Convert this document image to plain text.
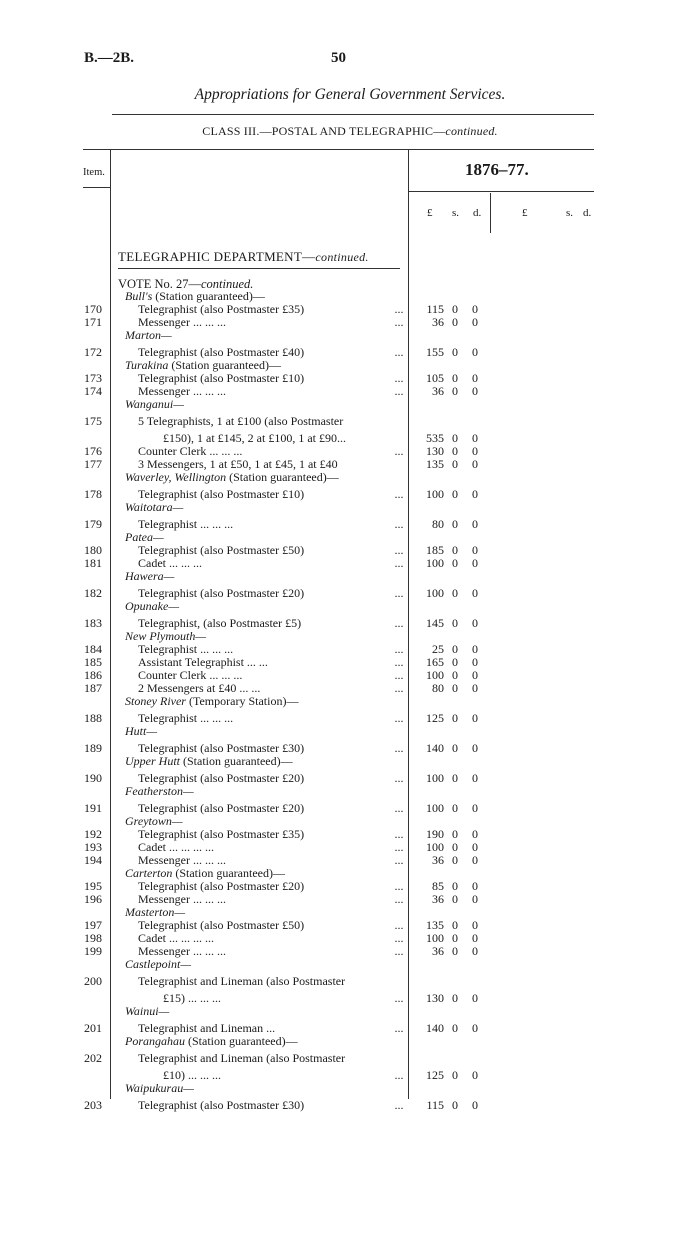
B.—2B.	50
Appropriations for General Government Services.
CLASS III.—POSTAL AND TELEGRAPHIC—continued.
Item.	1876–77.
£ s. d.	£	s. d.
TELEGRAPHIC DEPARTMENT—continued.
VOTE No. 27—continued.
Bull's (Station guaranteed)—
170	Telegraphist (also Postmaster £35)	...	115 0	0
171	Messenger ... ... ...	...	36 0	0
Marton—
172	Telegraphist (also Postmaster £40)	...	155 0	0
Turakina (Station guaranteed)—
173	Telegraphist (also Postmaster £10)	...	105 0	0
174	Messenger ... ... ...	...	36 0	0
Wanganui—
175	5 Telegraphists, 1 at £100 (also Postmaster
£150), 1 at £145, 2 at £100, 1 at £90...	535 0	0
176	Counter Clerk ... ... ...	...	130 0	0
177	3 Messengers, 1 at £50, 1 at £45, 1 at £40	135 0	0
Waverley, Wellington (Station guaranteed)—
178	Telegraphist (also Postmaster £10)	...	100 0	0
Waitotara—
179	Telegraphist ... ... ...	...	80 0	0
Patea—
180	Telegraphist (also Postmaster £50)	...	185 0	0
181	Cadet ... ... ...	...	100 0	0
Hawera—
182	Telegraphist (also Postmaster £20)	...	100 0	0
Opunake—
183	Telegraphist, (also Postmaster £5)	...	145 0	0
New Plymouth—
184	Telegraphist ... ... ...	...	25 0	0
185	Assistant Telegraphist ... ...	...	165 0	0
186	Counter Clerk ... ... ...	...	100 0	0
187	2 Messengers at £40 ... ...	...	80 0	0
Stoney River (Temporary Station)—
188	Telegraphist ... ... ...	...	125 0	0
Hutt—
189	Telegraphist (also Postmaster £30)	...	140 0	0
Upper Hutt (Station guaranteed)—
190	Telegraphist (also Postmaster £20)	...	100 0	0
Featherston—
191	Telegraphist (also Postmaster £20)	...	100 0	0
Greytown—
192	Telegraphist (also Postmaster £35)	...	190 0	0
193	Cadet ... ... ... ...	...	100 0	0
194	Messenger ... ... ...	...	36 0	0
Carterton (Station guaranteed)—
195	Telegraphist (also Postmaster £20)	...	85 0	0
196	Messenger ... ... ...	...	36 0	0
Masterton—
197	Telegraphist (also Postmaster £50)	...	135 0	0
198	Cadet ... ... ... ...	...	100 0	0
199	Messenger ... ... ...	...	36 0	0
Castlepoint—
200	Telegraphist and Lineman (also Postmaster
£15) ... ... ...	...	130 0	0
Wainui—
201	Telegraphist and Lineman ...	...	140 0	0
Porangahau (Station guaranteed)—
202	Telegraphist and Lineman (also Postmaster
£10) ... ... ...	...	125 0	0
Waipukurau—
203	Telegraphist (also Postmaster £30)	...	115 0	0
